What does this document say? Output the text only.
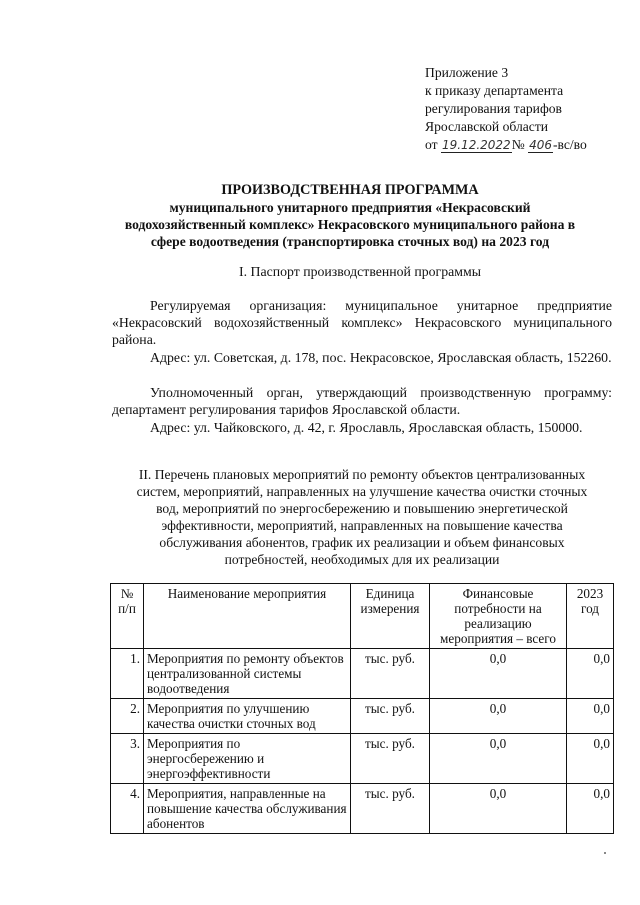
Приложение 3
к приказу департамента
регулирования тарифов
Ярославской области
от 19.12.2022№ 406-вс/во
ПРОИЗВОДСТВЕННАЯ ПРОГРАММА
муниципального унитарного предприятия «Некрасовский
водохозяйственный комплекс» Некрасовского муниципального района в
сфере водоотведения (транспортировка сточных вод) на 2023 год
I. Паспорт производственной программы
Регулируемая организация: муниципальное унитарное предприятие «Некрасовский водохозяйственный комплекс» Некрасовского муниципального района.
Адрес: ул. Советская, д. 178, пос. Некрасовское, Ярославская область, 152260.
Уполномоченный орган, утверждающий производственную программу: департамент регулирования тарифов Ярославской области.
Адрес: ул. Чайковского, д. 42, г. Ярославль, Ярославская область, 150000.
II. Перечень плановых мероприятий по ремонту объектов централизованных
систем, мероприятий, направленных на улучшение качества очистки сточных
вод, мероприятий по энергосбережению и повышению энергетической
эффективности, мероприятий, направленных на повышение качества
обслуживания абонентов, график их реализации и объем финансовых
потребностей, необходимых для их реализации
№ п/п	Наименование мероприятия	Единица измерения	Финансовые потребности на реализацию мероприятия – всего	2023 год
1.	Мероприятия по ремонту объектов централизованной системы водоотведения	тыс. руб.	0,0	0,0
2.	Мероприятия по улучшению качества очистки сточных вод	тыс. руб.	0,0	0,0
3.	Мероприятия по энергосбережению и энергоэффективности	тыс. руб.	0,0	0,0
4.	Мероприятия, направленные на повышение качества обслуживания абонентов	тыс. руб.	0,0	0,0
